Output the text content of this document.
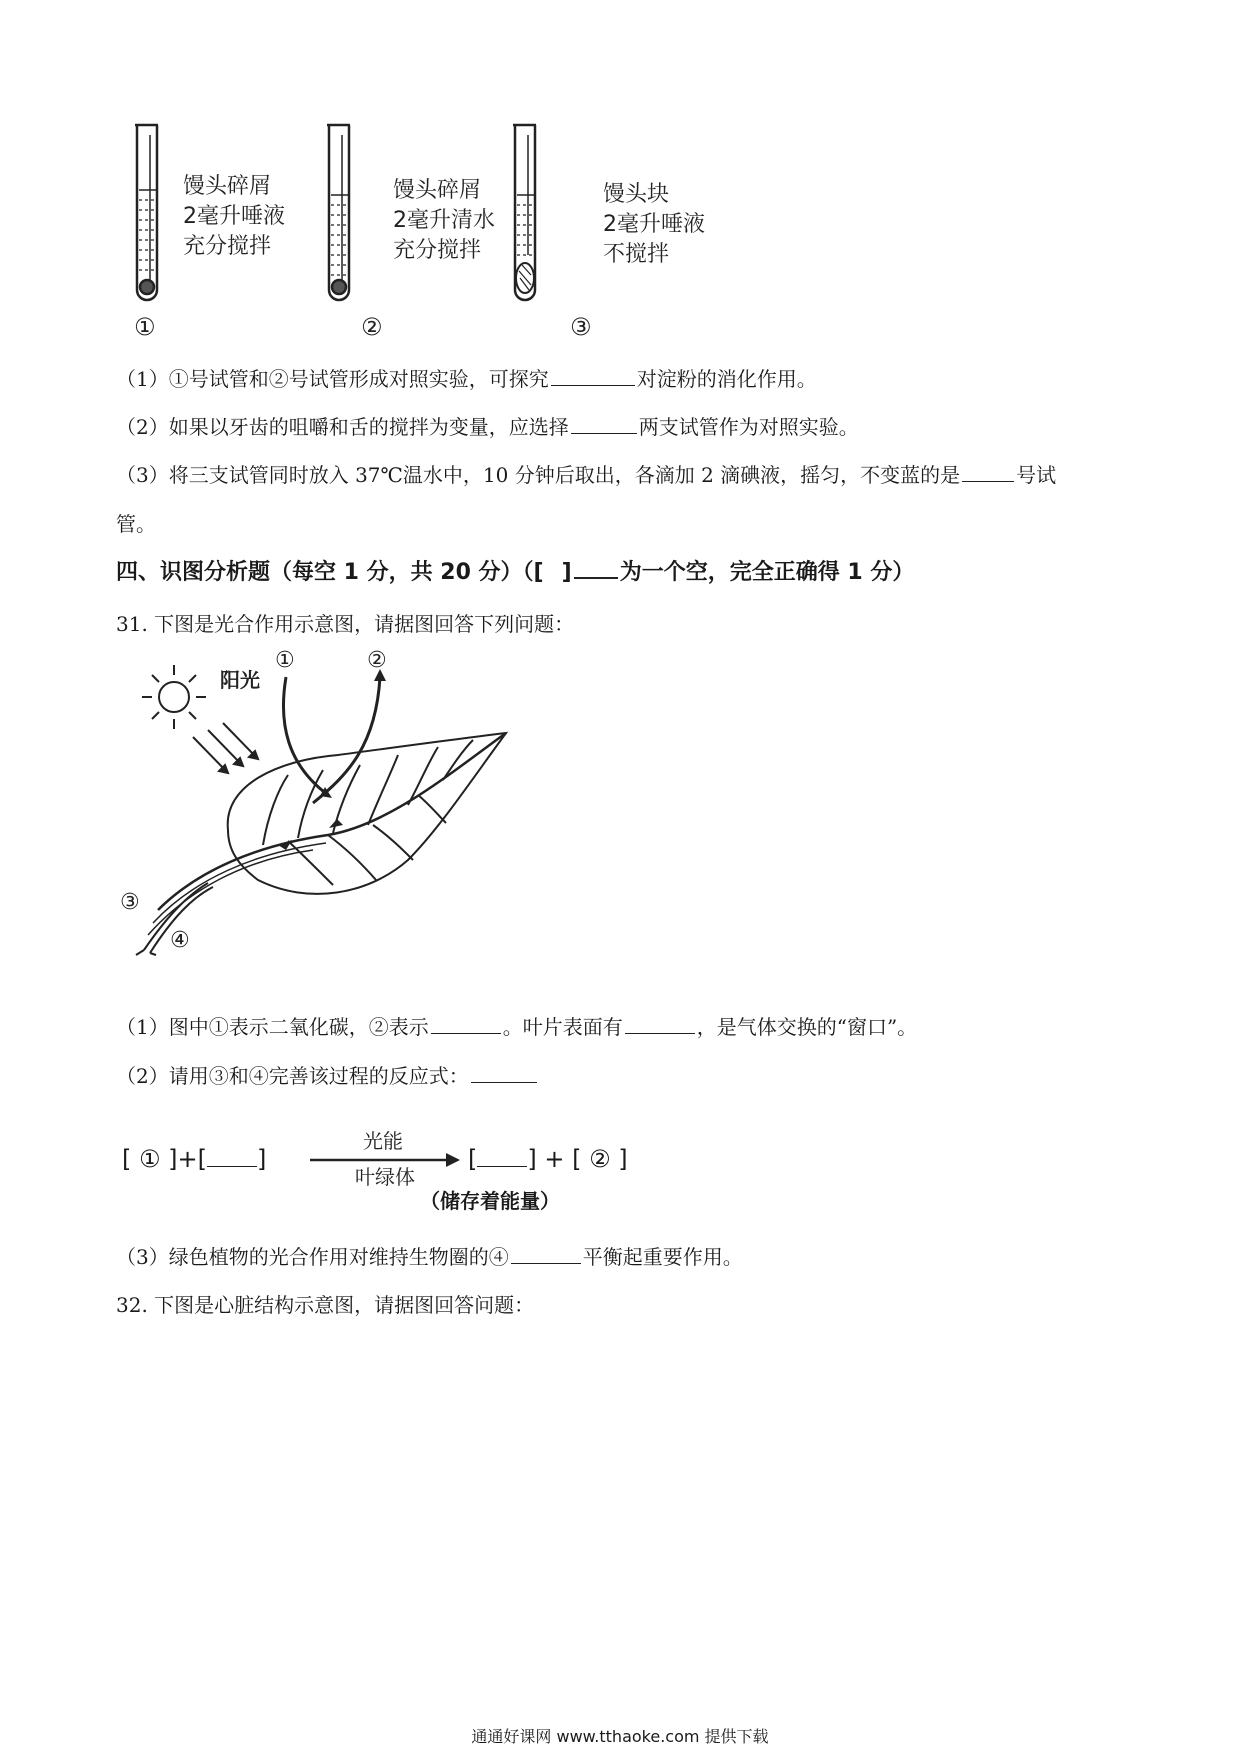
馒头碎屑
2毫升唾液
充分搅拌
馒头碎屑
2毫升清水
充分搅拌
馒头块
2毫升唾液
不搅拌
①	②	③
（1）①号试管和②号试管形成对照实验，可探究	对淀粉的消化作用。
（2）如果以牙齿的咀嚼和舌的搅拌为变量，应选择	两支试管作为对照实验。
（3）将三支试管同时放入 37℃温水中，10 分钟后取出，各滴加 2 滴碘液，摇匀，不变蓝的是	号试
管。
四、识图分析题（每空 1 分，共 20 分）（[ ] 为一个空，完全正确得 1 分）
31. 下图是光合作用示意图，请据图回答下列问题：
阳光
①	②
③
④
（1）图中①表示二氧化碳，②表示	。叶片表面有	，是气体交换的“窗口”。
（2）请用③和④完善该过程的反应式：
[ ① ]+[ ]
光能
叶绿体
[ ] + [ ② ]
（储存着能量）
（3）绿色植物的光合作用对维持生物圈的④	平衡起重要作用。
32. 下图是心脏结构示意图，请据图回答问题：
通通好课网 www.tthaoke.com 提供下载
